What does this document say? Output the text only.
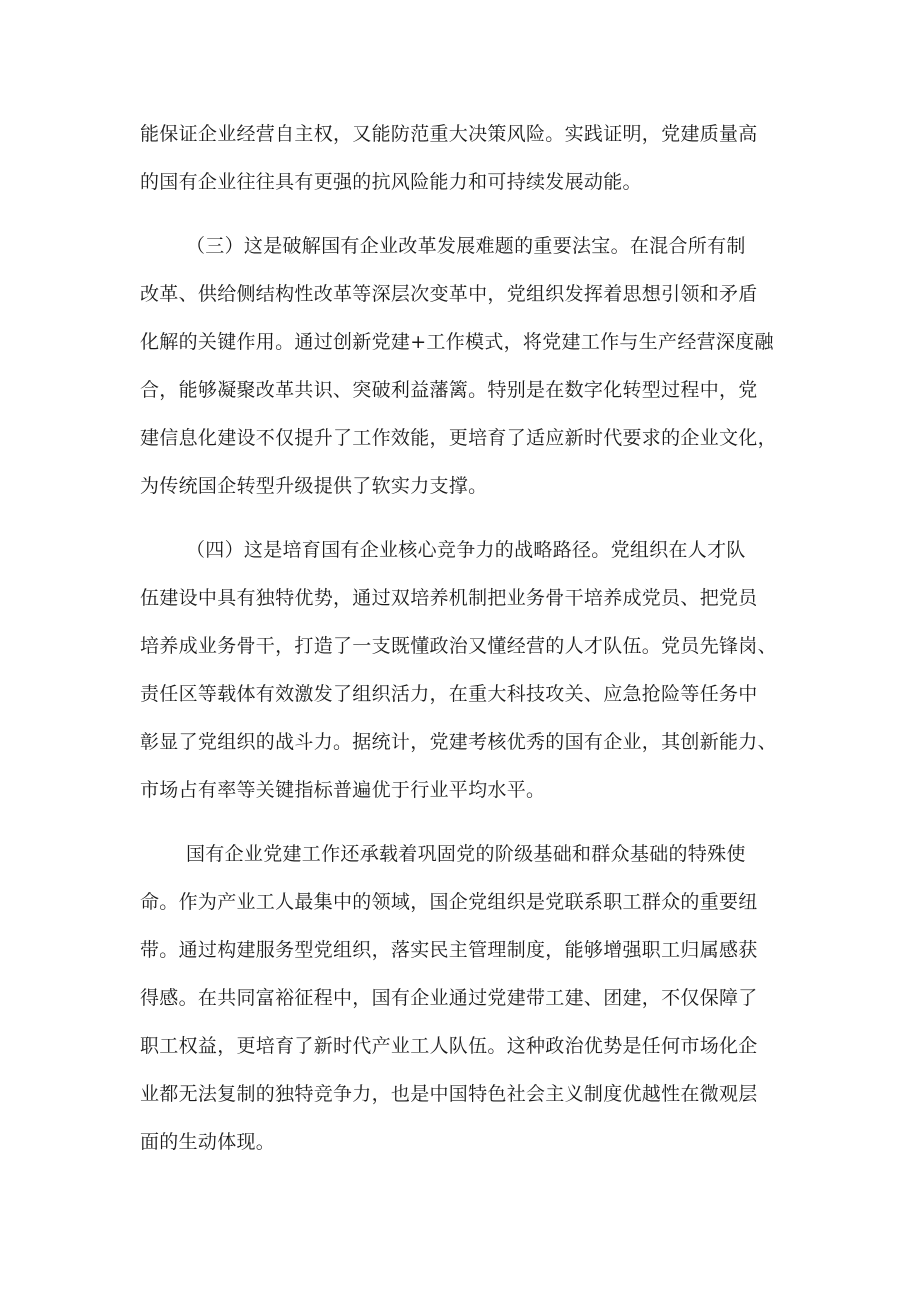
能保证企业经营自主权，又能防范重大决策风险。实践证明，党建质量高
的国有企业往往具有更强的抗风险能力和可持续发展动能。
（三）这是破解国有企业改革发展难题的重要法宝。在混合所有制
改革、供给侧结构性改革等深层次变革中，党组织发挥着思想引领和矛盾
化解的关键作用。通过创新党建+工作模式，将党建工作与生产经营深度融
合，能够凝聚改革共识、突破利益藩篱。特别是在数字化转型过程中，党
建信息化建设不仅提升了工作效能，更培育了适应新时代要求的企业文化，
为传统国企转型升级提供了软实力支撑。
（四）这是培育国有企业核心竞争力的战略路径。党组织在人才队
伍建设中具有独特优势，通过双培养机制把业务骨干培养成党员、把党员
培养成业务骨干，打造了一支既懂政治又懂经营的人才队伍。党员先锋岗、
责任区等载体有效激发了组织活力，在重大科技攻关、应急抢险等任务中
彰显了党组织的战斗力。据统计，党建考核优秀的国有企业，其创新能力、
市场占有率等关键指标普遍优于行业平均水平。
国有企业党建工作还承载着巩固党的阶级基础和群众基础的特殊使
命。作为产业工人最集中的领域，国企党组织是党联系职工群众的重要纽
带。通过构建服务型党组织，落实民主管理制度，能够增强职工归属感获
得感。在共同富裕征程中，国有企业通过党建带工建、团建，不仅保障了
职工权益，更培育了新时代产业工人队伍。这种政治优势是任何市场化企
业都无法复制的独特竞争力，也是中国特色社会主义制度优越性在微观层
面的生动体现。
